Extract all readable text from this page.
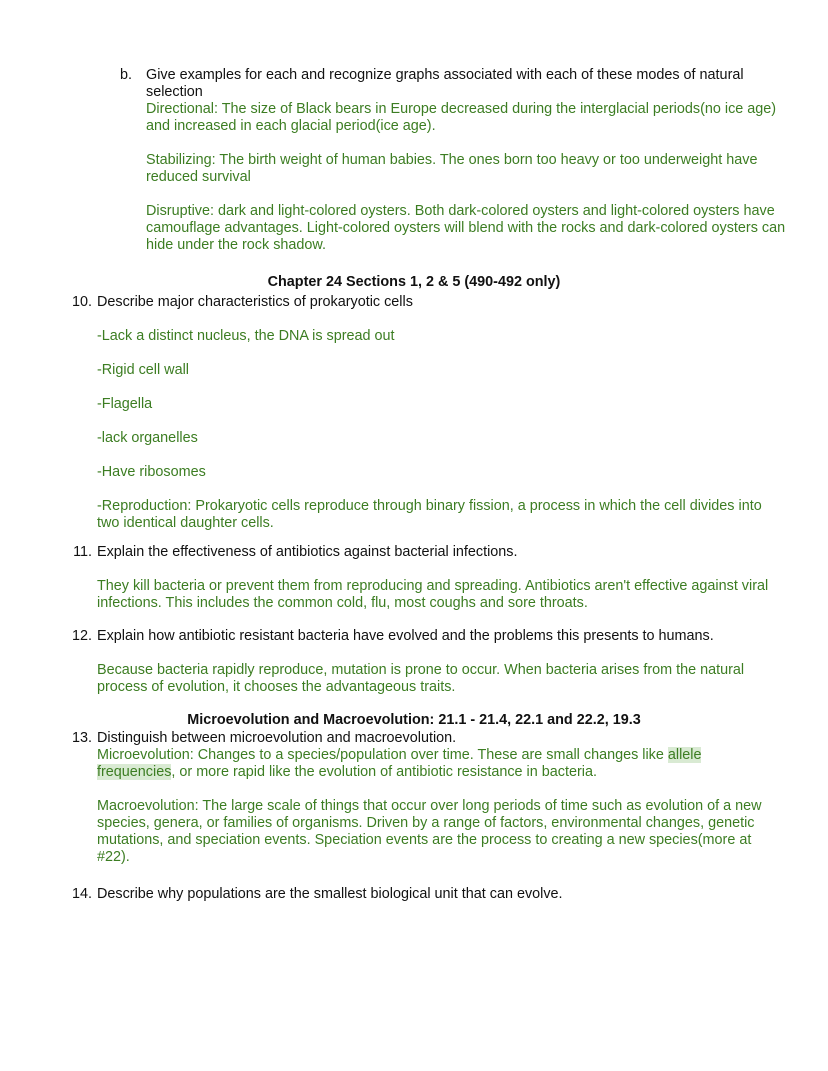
b. Give examples for each and recognize graphs associated with each of these modes of natural selection

Directional: The size of Black bears in Europe decreased during the interglacial periods(no ice age) and increased in each glacial period(ice age).

Stabilizing: The birth weight of human babies. The ones born too heavy or too underweight have reduced survival

Disruptive: dark and light-colored oysters. Both dark-colored oysters and light-colored oysters have camouflage advantages. Light-colored oysters will blend with the rocks and dark-colored oysters can hide under the rock shadow.

Chapter 24 Sections 1, 2 & 5 (490-492 only)
10. Describe major characteristics of prokaryotic cells

-Lack a distinct nucleus, the DNA is spread out

-Rigid cell wall

-Flagella

-lack organelles

-Have ribosomes

-Reproduction: Prokaryotic cells reproduce through binary fission, a process in which the cell divides into two identical daughter cells.

11. Explain the effectiveness of antibiotics against bacterial infections.

They kill bacteria or prevent them from reproducing and spreading. Antibiotics aren't effective against viral infections. This includes the common cold, flu, most coughs and sore throats.

12. Explain how antibiotic resistant bacteria have evolved and the problems this presents to humans.

Because bacteria rapidly reproduce, mutation is prone to occur. When bacteria arises from the natural process of evolution, it chooses the advantageous traits.

Microevolution and Macroevolution: 21.1 - 21.4, 22.1 and 22.2, 19.3
13. Distinguish between microevolution and macroevolution.

Microevolution: Changes to a species/population over time. These are small changes like allele frequencies, or more rapid like the evolution of antibiotic resistance in bacteria.

Macroevolution: The large scale of things that occur over long periods of time such as evolution of a new species, genera, or families of organisms. Driven by a range of factors, environmental changes, genetic mutations, and speciation events. Speciation events are the process to creating a new species(more at #22).

14. Describe why populations are the smallest biological unit that can evolve.
